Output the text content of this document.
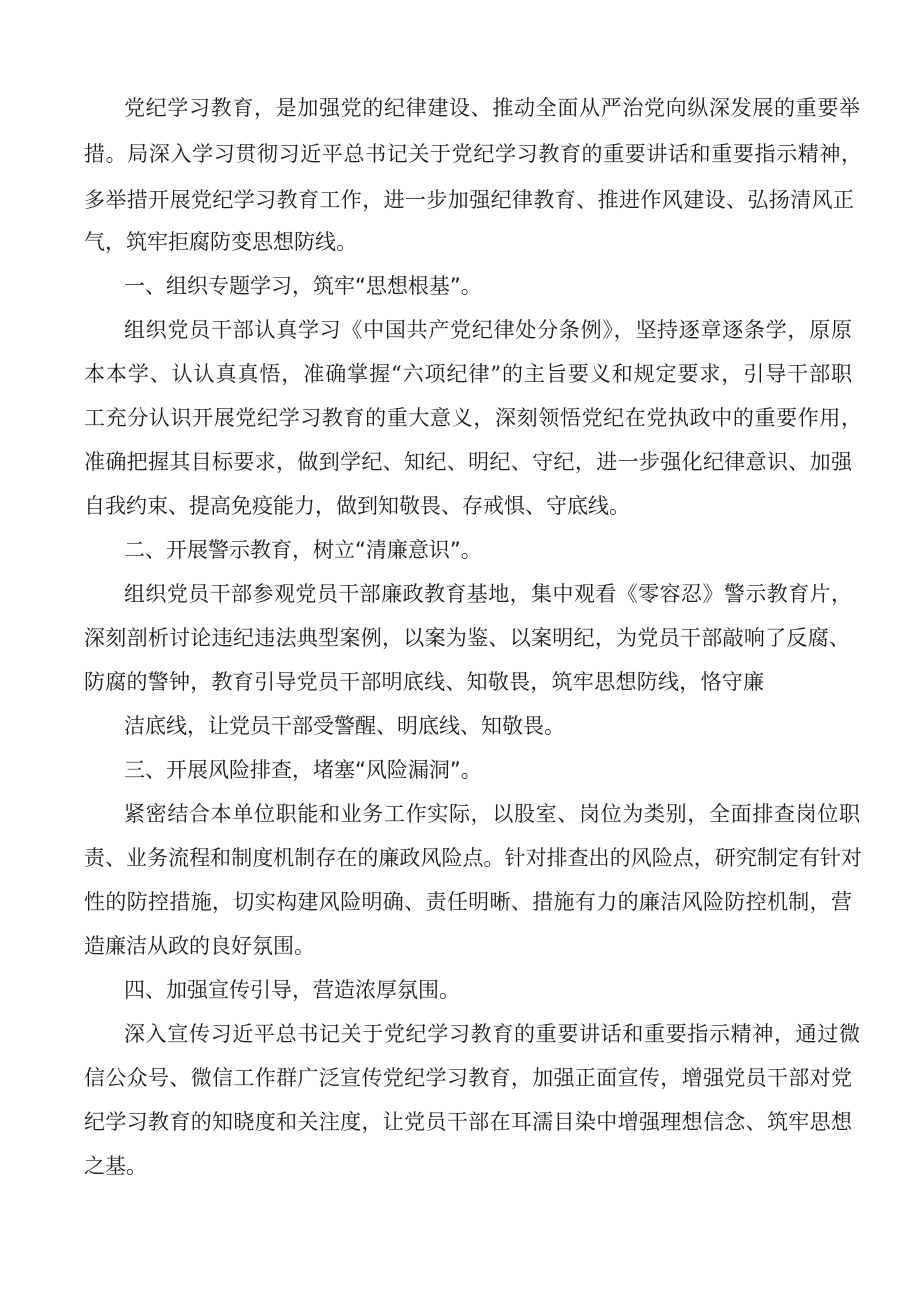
党纪学习教育，是加强党的纪律建设、推动全面从严治党向纵深发展的重要举
措。局深入学习贯彻习近平总书记关于党纪学习教育的重要讲话和重要指示精神，
多举措开展党纪学习教育工作，进一步加强纪律教育、推进作风建设、弘扬清风正
气，筑牢拒腐防变思想防线。
一、组织专题学习，筑牢“思想根基”。
组织党员干部认真学习《中国共产党纪律处分条例》，坚持逐章逐条学，原原
本本学、认认真真悟，准确掌握“六项纪律”的主旨要义和规定要求，引导干部职
工充分认识开展党纪学习教育的重大意义，深刻领悟党纪在党执政中的重要作用，
准确把握其目标要求，做到学纪、知纪、明纪、守纪，进一步强化纪律意识、加强
自我约束、提高免疫能力，做到知敬畏、存戒惧、守底线。
二、开展警示教育，树立“清廉意识”。
组织党员干部参观党员干部廉政教育基地，集中观看《零容忍》警示教育片，
深刻剖析讨论违纪违法典型案例，以案为鉴、以案明纪，为党员干部敲响了反腐、
防腐的警钟，教育引导党员干部明底线、知敬畏，筑牢思想防线，恪守廉
洁底线，让党员干部受警醒、明底线、知敬畏。
三、开展风险排查，堵塞“风险漏洞”。
紧密结合本单位职能和业务工作实际，以股室、岗位为类别，全面排查岗位职
责、业务流程和制度机制存在的廉政风险点。针对排查出的风险点，研究制定有针对
性的防控措施，切实构建风险明确、责任明晰、措施有力的廉洁风险防控机制，营
造廉洁从政的良好氛围。
四、加强宣传引导，营造浓厚氛围。
深入宣传习近平总书记关于党纪学习教育的重要讲话和重要指示精神，通过微
信公众号、微信工作群广泛宣传党纪学习教育，加强正面宣传，增强党员干部对党
纪学习教育的知晓度和关注度，让党员干部在耳濡目染中增强理想信念、筑牢思想
之基。
